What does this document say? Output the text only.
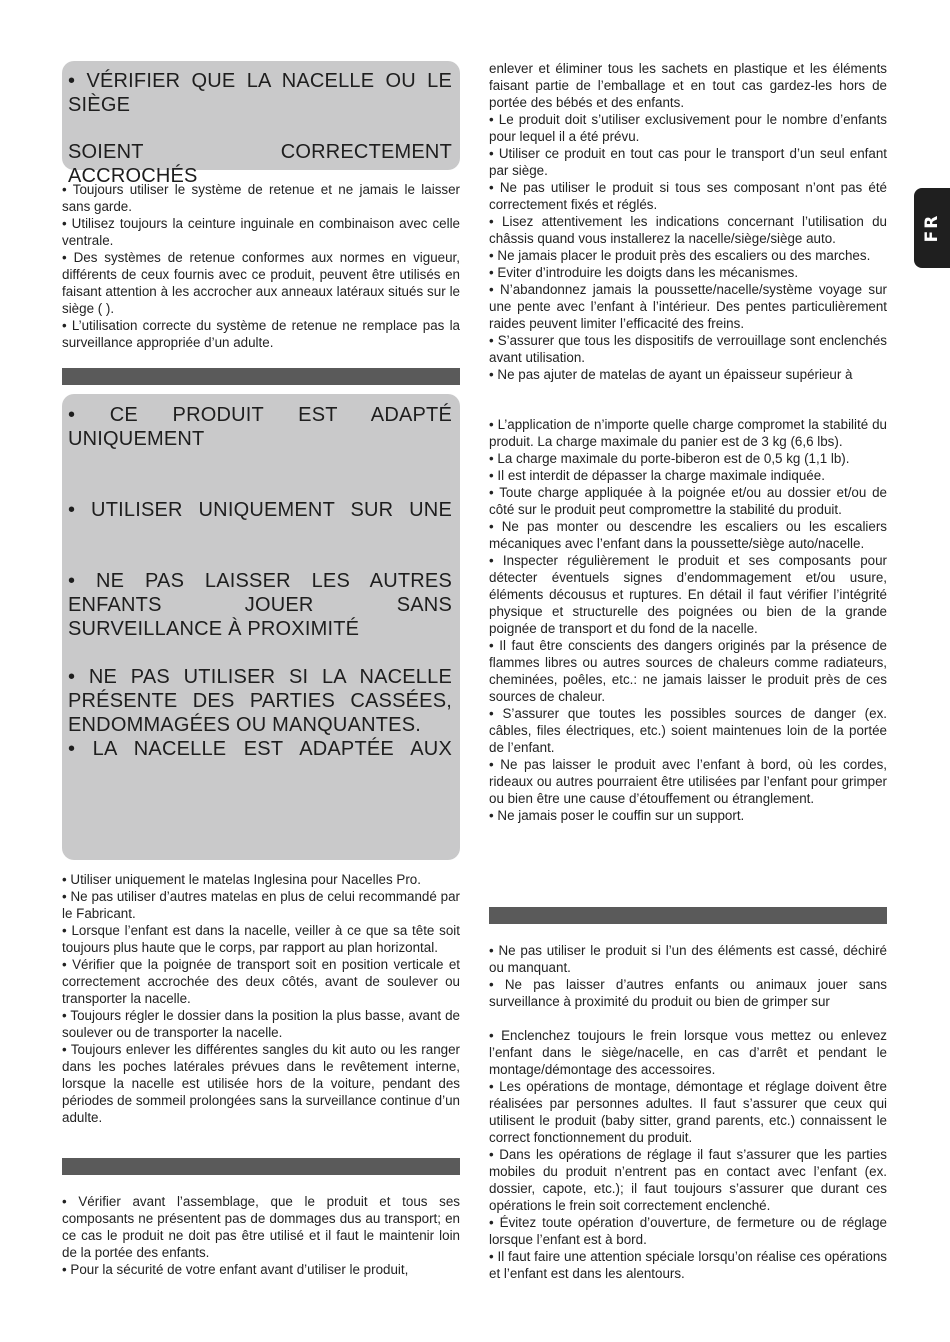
FR

• VÉRIFIER QUE LA NACELLE OU LE SIÈGE

SOIENT CORRECTEMENT ACCROCHÉS

• Toujours utiliser le système de retenue et ne jamais le laisser sans garde.

• Utilisez toujours la ceinture inguinale en combinaison avec celle ventrale.

• Des systèmes de retenue conformes aux normes en vigueur, différents de ceux fournis avec ce produit, peuvent être utilisés en faisant attention à les accrocher aux anneaux latéraux situés sur le siège ( ).

• L’utilisation correcte du système de retenue ne remplace pas la surveillance appropriée d’un adulte.

• CE PRODUIT EST ADAPTÉ UNIQUEMENT

• UTILISER UNIQUEMENT SUR UNE

• NE PAS LAISSER LES AUTRES ENFANTS JOUER SANS SURVEILLANCE À PROXIMITÉ

• NE PAS UTILISER SI LA NACELLE PRÉSENTE DES PARTIES CASSÉES, ENDOMMAGÉES OU MANQUANTES.

• LA NACELLE EST ADAPTÉE AUX

• Utiliser uniquement le matelas Inglesina pour Nacelles Pro.

• Ne pas utiliser d’autres matelas en plus de celui recommandé par le Fabricant.

• Lorsque l’enfant est dans la nacelle, veiller à ce que sa tête soit toujours plus haute que le corps, par rapport au plan horizontal.

• Vérifier que la poignée de transport soit en position verticale et correctement accrochée des deux côtés, avant de soulever ou transporter la nacelle.

• Toujours régler le dossier dans la position la plus basse, avant de soulever ou de transporter la nacelle.

• Toujours enlever les différentes sangles du kit auto ou les ranger dans les poches latérales prévues dans le revêtement interne, lorsque la nacelle est utilisée hors de la voiture, pendant des périodes de sommeil prolongées sans la surveillance continue d’un adulte.

• Vérifier avant l’assemblage, que le produit et tous ses composants ne présentent pas de dommages dus au transport; en ce cas le produit ne doit pas être utilisé et il faut le maintenir loin de la portée des enfants.

• Pour la sécurité de votre enfant avant d’utiliser le produit,

enlever et éliminer tous les sachets en plastique et les éléments faisant partie de l’emballage et en tout cas gardez-les hors de portée des bébés et des enfants.

• Le produit doit s’utiliser exclusivement pour le nombre d’enfants pour lequel il a été prévu.

• Utiliser ce produit en tout cas pour le transport d’un seul enfant par siège.

• Ne pas utiliser le produit si tous ses composant n’ont pas été correctement fixés et réglés.

• Lisez attentivement les indications concernant l’utilisation du châssis quand vous installerez la nacelle/siège/siège auto.

• Ne jamais placer le produit près des escaliers ou des marches.

• Eviter d’introduire les doigts dans les mécanismes.

• N’abandonnez jamais la poussette/nacelle/système voyage sur une pente avec l’enfant à l’intérieur. Des pentes particulièrement raides peuvent limiter l’efficacité des freins.

• S’assurer que tous les dispositifs de verrouillage sont enclenchés avant utilisation.

• Ne pas ajuter de matelas de ayant un épaisseur supérieur à

• L’application de n’importe quelle charge compromet la stabilité du produit. La charge maximale du panier est de 3 kg (6,6 lbs).

• La charge maximale du porte-biberon est de 0,5 kg (1,1 lb).

• Il est interdit de dépasser la charge maximale indiquée.

• Toute charge appliquée à la poignée et/ou au dossier et/ou de côté sur le produit peut compromettre la stabilité du produit.

• Ne pas monter ou descendre les escaliers ou les escaliers mécaniques avec l’enfant dans la poussette/siège auto/nacelle.

• Inspecter régulièrement le produit et ses composants pour détecter éventuels signes d’endommagement et/ou usure, éléments décousus et ruptures. En détail il faut vérifier l’intégrité physique et structurelle des poignées ou bien de la grande poignée de transport et du fond de la nacelle.

• Il faut être conscients des dangers originés par la présence de flammes libres ou autres sources de chaleurs comme radiateurs, cheminées, poêles, etc.: ne jamais laisser le produit près de ces sources de chaleur.

• S’assurer que toutes les possibles sources de danger (ex. câbles, files électriques, etc.) soient maintenues loin de la portée de l’enfant.

• Ne pas laisser le produit avec l’enfant à bord, où les cordes, rideaux ou autres pourraient être utilisées par l’enfant pour grimper ou bien être une cause d’étouffement ou étranglement.

• Ne jamais poser le couffin sur un support.

• Ne pas utiliser le produit si l’un des éléments est cassé, déchiré ou manquant.

• Ne pas laisser d’autres enfants ou animaux jouer sans surveillance à proximité du produit ou bien de grimper sur

• Enclenchez toujours le frein lorsque vous mettez ou enlevez l’enfant dans le siège/nacelle, en cas d’arrêt et pendant le montage/démontage des accessoires.

• Les opérations de montage, démontage et réglage doivent être réalisées par personnes adultes. Il faut s’assurer que ceux qui utilisent le produit (baby sitter, grand parents, etc.) connaissent le correct fonctionnement du produit.

• Dans les opérations de réglage il faut s’assurer que les parties mobiles du produit n’entrent pas en contact avec l’enfant (ex. dossier, capote, etc.); il faut toujours s’assurer que durant ces opérations le frein soit correctement enclenché.

• Évitez toute opération d’ouverture, de fermeture ou de réglage lorsque l’enfant est à bord.

• Il faut faire une attention spéciale lorsqu’on réalise ces opérations et l’enfant est dans les alentours.
